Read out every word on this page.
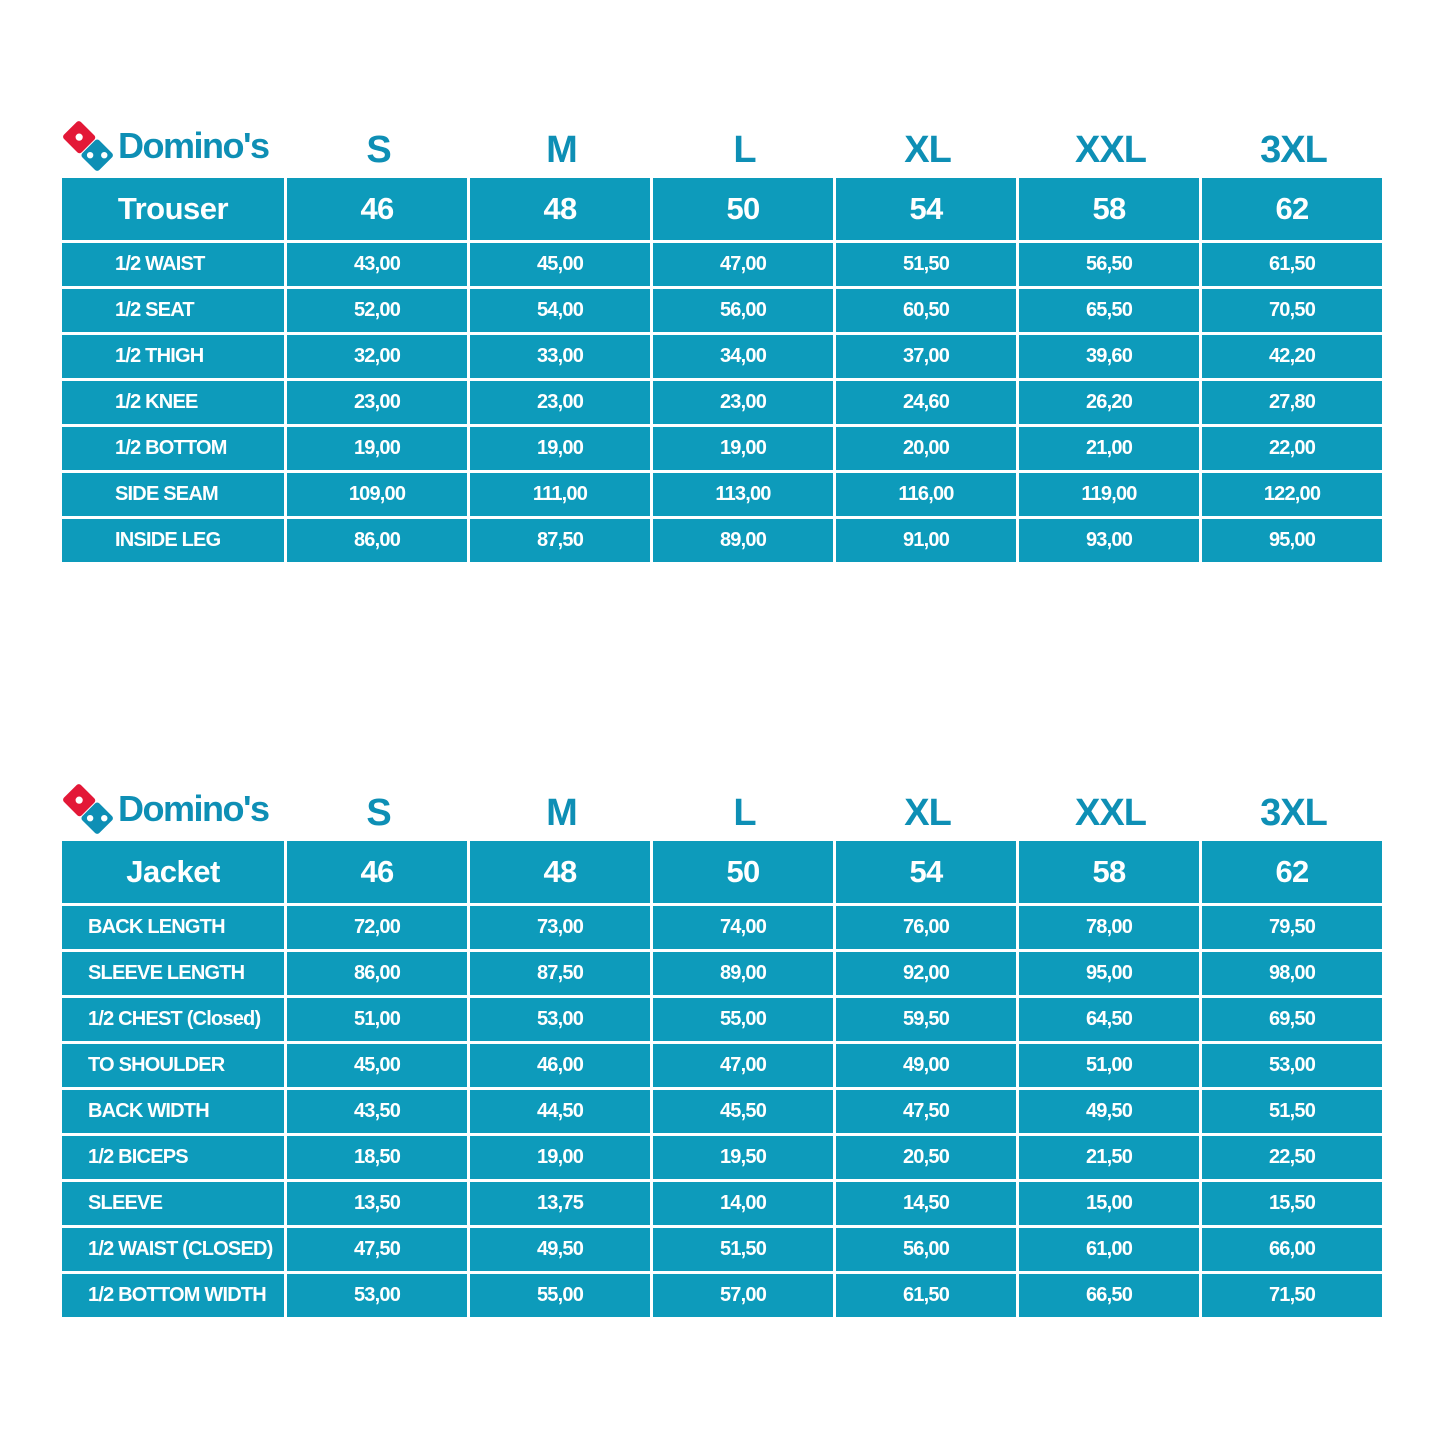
Domino's	S	M	L	XL	XXL	3XL
Trouser	46	48	50	54	58	62
1/2 WAIST	43,00	45,00	47,00	51,50	56,50	61,50
1/2 SEAT	52,00	54,00	56,00	60,50	65,50	70,50
1/2 THIGH	32,00	33,00	34,00	37,00	39,60	42,20
1/2 KNEE	23,00	23,00	23,00	24,60	26,20	27,80
1/2 BOTTOM	19,00	19,00	19,00	20,00	21,00	22,00
SIDE SEAM	109,00	111,00	113,00	116,00	119,00	122,00
INSIDE LEG	86,00	87,50	89,00	91,00	93,00	95,00
Domino's	S	M	L	XL	XXL	3XL
Jacket	46	48	50	54	58	62
BACK LENGTH	72,00	73,00	74,00	76,00	78,00	79,50
SLEEVE LENGTH	86,00	87,50	89,00	92,00	95,00	98,00
1/2 CHEST (Closed)	51,00	53,00	55,00	59,50	64,50	69,50
TO SHOULDER	45,00	46,00	47,00	49,00	51,00	53,00
BACK WIDTH	43,50	44,50	45,50	47,50	49,50	51,50
1/2 BICEPS	18,50	19,00	19,50	20,50	21,50	22,50
SLEEVE	13,50	13,75	14,00	14,50	15,00	15,50
1/2 WAIST (CLOSED)	47,50	49,50	51,50	56,00	61,00	66,00
1/2 BOTTOM WIDTH	53,00	55,00	57,00	61,50	66,50	71,50
